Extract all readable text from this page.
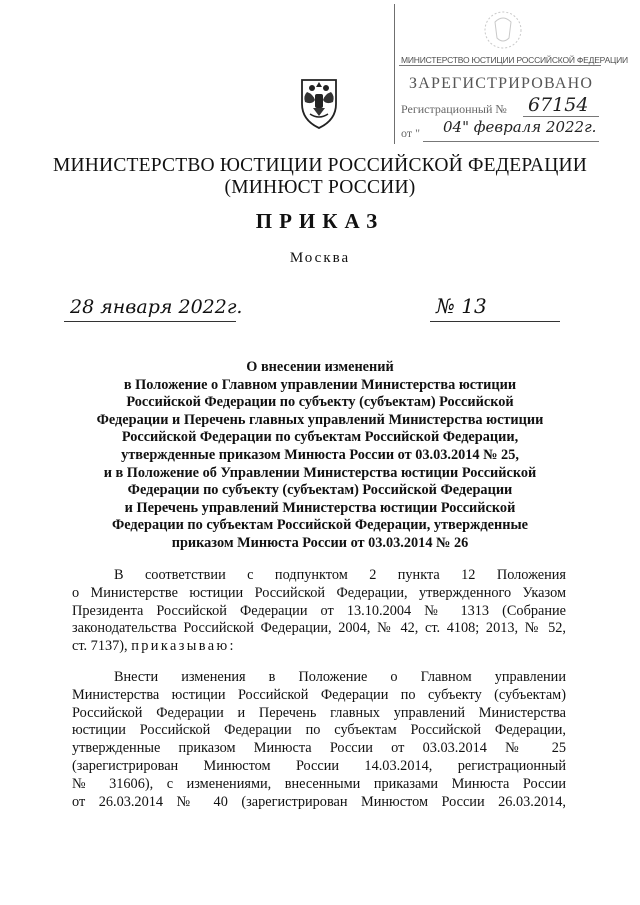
МИНИСТЕРСТВО ЮСТИЦИИ РОССИЙСКОЙ ФЕДЕРАЦИИ
ЗАРЕГИСТРИРОВАНО
Регистрационный № 67154
от "	04" февраля 2022г.
МИНИСТЕРСТВО ЮСТИЦИИ РОССИЙСКОЙ ФЕДЕРАЦИИ
(МИНЮСТ РОССИИ)
ПРИКАЗ
Москва
28 января 2022г.	№ 13
О внесении изменений
в Положение о Главном управлении Министерства юстиции
Российской Федерации по субъекту (субъектам) Российской
Федерации и Перечень главных управлений Министерства юстиции
Российской Федерации по субъектам Российской Федерации,
утвержденные приказом Минюста России от 03.03.2014 № 25,
и в Положение об Управлении Министерства юстиции Российской
Федерации по субъекту (субъектам) Российской Федерации
и Перечень управлений Министерства юстиции Российской
Федерации по субъектам Российской Федерации, утвержденные
приказом Минюста России от 03.03.2014 № 26
В соответствии с подпунктом 2 пункта 12 Положения
о Министерстве юстиции Российской Федерации, утвержденного Указом
Президента Российской Федерации от 13.10.2004 № 1313 (Собрание
законодательства Российской Федерации, 2004, № 42, ст. 4108; 2013, № 52,
ст. 7137), приказываю:
Внести изменения в Положение о Главном управлении
Министерства юстиции Российской Федерации по субъекту (субъектам)
Российской Федерации и Перечень главных управлений Министерства
юстиции Российской Федерации по субъектам Российской Федерации,
утвержденные приказом Минюста России от 03.03.2014 № 25
(зарегистрирован Минюстом России 14.03.2014, регистрационный
№ 31606), с изменениями, внесенными приказами Минюста России
от 26.03.2014 № 40 (зарегистрирован Минюстом России 26.03.2014,
